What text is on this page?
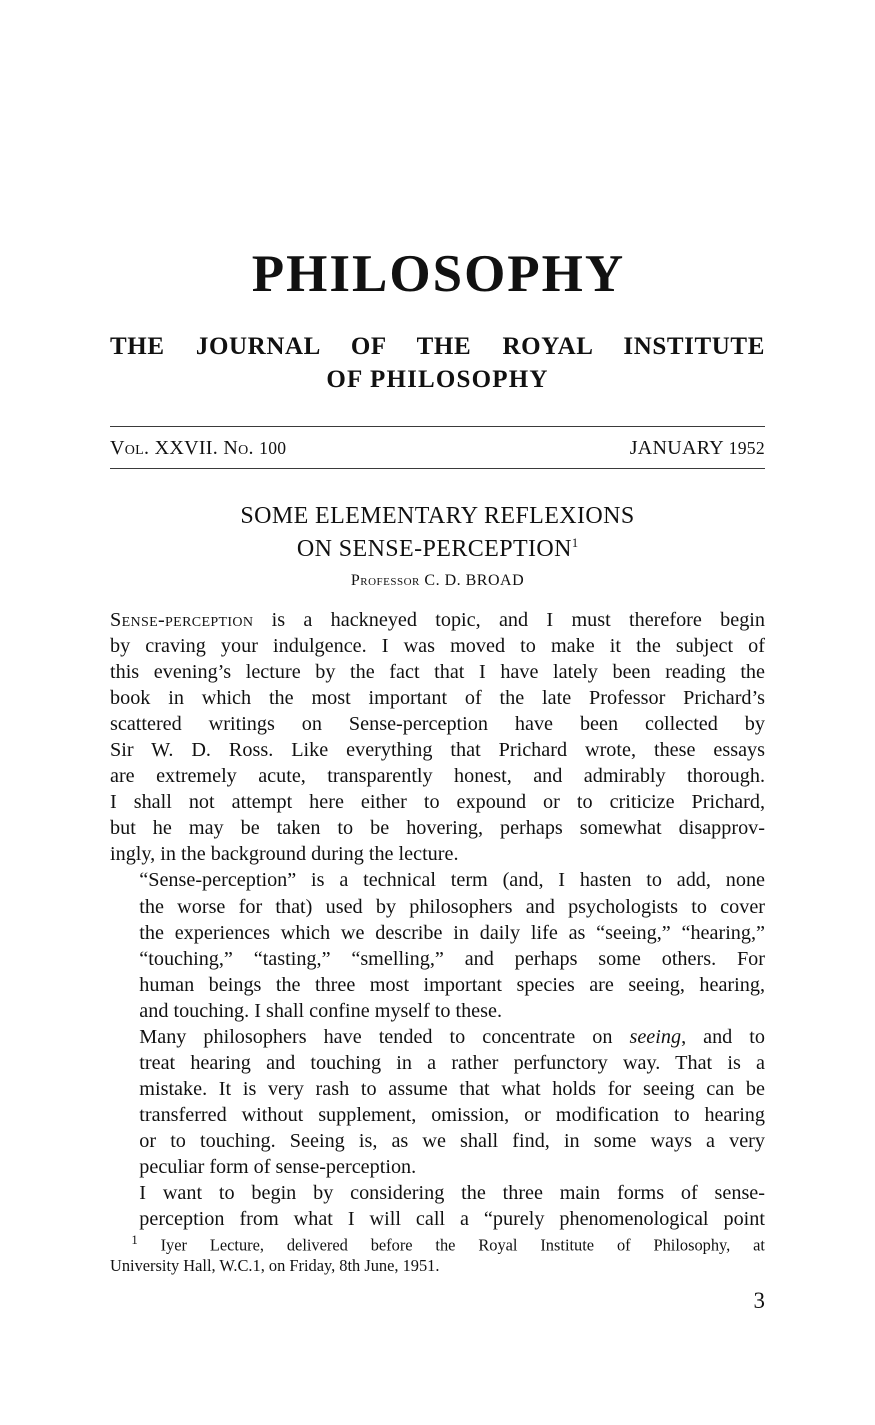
PHILOSOPHY
THE JOURNAL OF THE ROYAL INSTITUTE
OF PHILOSOPHY
Vol. XXVII. No. 100	JANUARY 1952
SOME ELEMENTARY REFLEXIONS
ON SENSE-PERCEPTION$^1$
Professor C. D. BROAD

Sense-perception is a hackneyed topic, and I must therefore begin
by craving your indulgence. I was moved to make it the subject of
this evening’s lecture by the fact that I have lately been reading the
book in which the most important of the late Professor Prichard’s
scattered writings on Sense-perception have been collected by
Sir W. D. Ross. Like everything that Prichard wrote, these essays
are extremely acute, transparently honest, and admirably thorough.
I shall not attempt here either to expound or to criticize Prichard,
but he may be taken to be hovering, perhaps somewhat disapprov-
ingly, in the background during the lecture.

“Sense-perception” is a technical term (and, I hasten to add, none
the worse for that) used by philosophers and psychologists to cover
the experiences which we describe in daily life as “seeing,” “hearing,”
“touching,” “tasting,” “smelling,” and perhaps some others. For
human beings the three most important species are seeing, hearing,
and touching. I shall confine myself to these.

Many philosophers have tended to concentrate on seeing, and to
treat hearing and touching in a rather perfunctory way. That is a
mistake. It is very rash to assume that what holds for seeing can be
transferred without supplement, omission, or modification to hearing
or to touching. Seeing is, as we shall find, in some ways a very
peculiar form of sense-perception.

I want to begin by considering the three main forms of sense-
perception from what I will call a “purely phenomenological point

$^1$ Iyer Lecture, delivered before the Royal Institute of Philosophy, at
University Hall, W.C.1, on Friday, 8th June, 1951.
3
